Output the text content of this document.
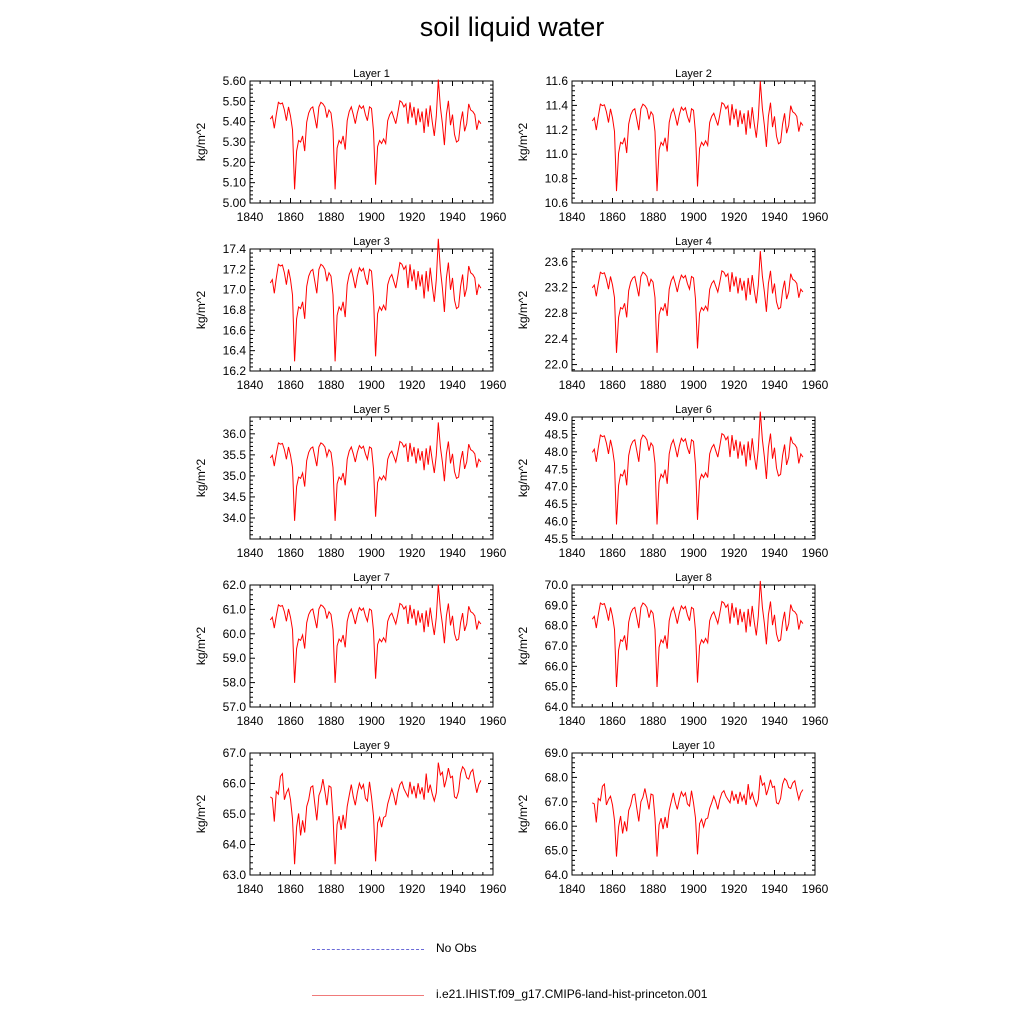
soil liquid water
Layer 1
kg/m^2
1840 1860 1880 1900 1920 1940 1960
5.00
5.10
5.20
5.30
5.40
5.50
5.60	Layer 2
kg/m^2
1840 1860 1880 1900 1920 1940 1960
10.6
10.8
11.0
11.2
11.4
11.6
Layer 3
kg/m^2
1840 1860 1880 1900 1920 1940 1960
16.2
16.4
16.6
16.8
17.0
17.2
17.4	Layer 4
kg/m^2
1840 1860 1880 1900 1920 1940 1960
22.0
22.4
22.8
23.2
23.6
Layer 5
kg/m^2
1840 1860 1880 1900 1920 1940 1960
34.0
34.5
35.0
35.5
36.0
Layer 6
kg/m^2
1840 1860 1880 1900 1920 1940 1960
45.5
46.0
46.5
47.0
47.5
48.0
48.5
49.0
Layer 7
kg/m^2
1840 1860 1880 1900 1920 1940 1960
57.0
58.0
59.0
60.0
61.0
62.0	Layer 8
kg/m^2
1840 1860 1880 1900 1920 1940 1960
64.0
65.0
66.0
67.0
68.0
69.0
70.0
Layer 9
kg/m^2
1840 1860 1880 1900 1920 1940 1960
63.0
64.0
65.0
66.0
67.0	Layer 10
kg/m^2
1840 1860 1880 1900 1920 1940 1960
64.0
65.0
66.0
67.0
68.0
69.0
No Obs
i.e21.IHIST.f09_g17.CMIP6-land-hist-princeton.001
